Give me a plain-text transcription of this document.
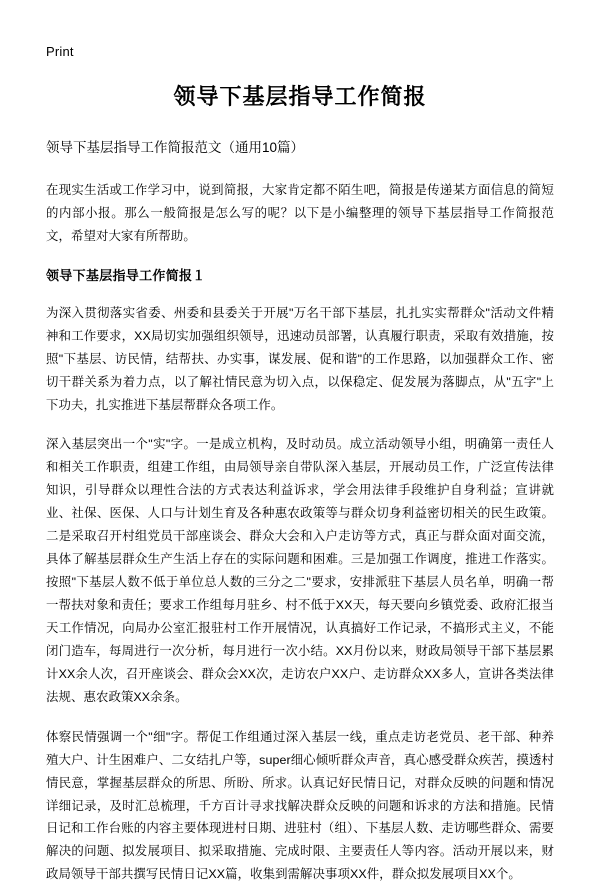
Print
领导下基层指导工作简报

领导下基层指导工作简报范文（通用10篇）

在现实生活或工作学习中，说到简报，大家肯定都不陌生吧，简报是传递某方面信息的简短的内部小报。那么一般简报是怎么写的呢？以下是小编整理的领导下基层指导工作简报范文，希望对大家有所帮助。

领导下基层指导工作简报１

为深入贯彻落实省委、州委和县委关于开展"万名干部下基层，扎扎实实帮群众"活动文件精神和工作要求，XX局切实加强组织领导，迅速动员部署，认真履行职责，采取有效措施，按照"下基层、访民情，结帮扶、办实事，谋发展、促和谐"的工作思路，以加强群众工作、密切干群关系为着力点，以了解社情民意为切入点，以保稳定、促发展为落脚点，从"五字"上下功夫，扎实推进下基层帮群众各项工作。

深入基层突出一个"实"字。一是成立机构，及时动员。成立活动领导小组，明确第一责任人和相关工作职责，组建工作组，由局领导亲自带队深入基层，开展动员工作，广泛宣传法律知识，引导群众以理性合法的方式表达利益诉求，学会用法律手段维护自身利益；宣讲就业、社保、医保、人口与计划生育及各种惠农政策等与群众切身利益密切相关的民生政策。二是采取召开村组党员干部座谈会、群众大会和入户走访等方式，真正与群众面对面交流，具体了解基层群众生产生活上存在的实际问题和困难。三是加强工作调度，推进工作落实。按照"下基层人数不低于单位总人数的三分之二"要求，安排派驻下基层人员名单，明确一帮一帮扶对象和责任；要求工作组每月驻乡、村不低于XX天，每天要向乡镇党委、政府汇报当天工作情况，向局办公室汇报驻村工作开展情况，认真搞好工作记录，不搞形式主义，不能闭门造车，每周进行一次分析，每月进行一次小结。XX月份以来，财政局领导干部下基层累计XX余人次，召开座谈会、群众会XX次，走访农户XX户、走访群众XX多人，宣讲各类法律法规、惠农政策XX余条。

体察民情强调一个"细"字。帮促工作组通过深入基层一线，重点走访老党员、老干部、种养殖大户、计生困难户、二女结扎户等，super细心倾听群众声音，真心感受群众疾苦，摸透村情民意，掌握基层群众的所思、所盼、所求。认真记好民情日记，对群众反映的问题和情况详细记录，及时汇总梳理，千方百计寻求找解决群众反映的问题和诉求的方法和措施。民情日记和工作台账的内容主要体现进村日期、进驻村（组）、下基层人数、走访哪些群众、需要解决的问题、拟发展项目、拟采取措施、完成时限、主要责任人等内容。活动开展以来，财政局领导干部共撰写民情日记XX篇，收集到需解决事项XX件，群众拟发展项目XX个。
